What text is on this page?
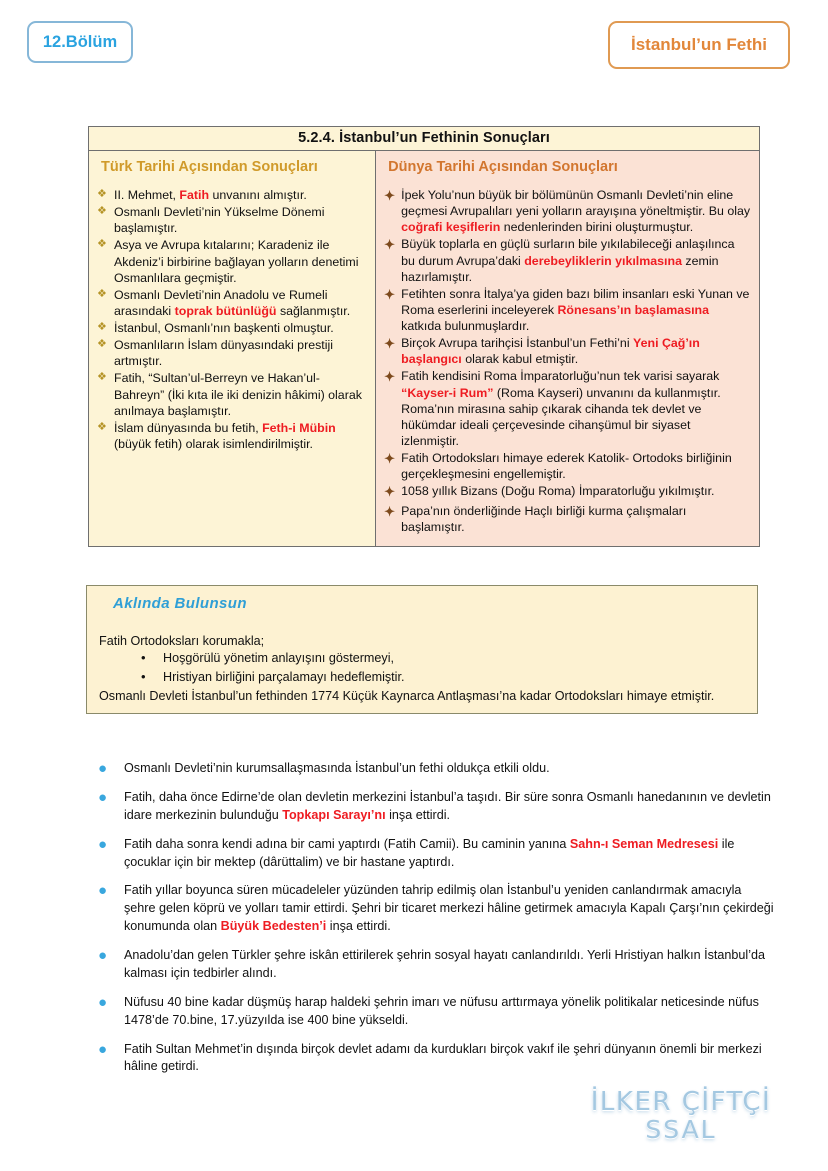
12.Bölüm	İstanbul’un Fethi
5.2.4. İstanbul’un Fethinin Sonuçları
Türk Tarihi Açısından Sonuçları
❖ II. Mehmet, Fatih unvanını almıştır.
❖ Osmanlı Devleti’nin Yükselme Dönemi başlamıştır.
❖ Asya ve Avrupa kıtalarını; Karadeniz ile Akdeniz’i birbirine bağlayan yolların denetimi Osmanlılara geçmiştir.
❖ Osmanlı Devleti’nin Anadolu ve Rumeli arasındaki toprak bütünlüğü sağlanmıştır.
❖ İstanbul, Osmanlı’nın başkenti olmuştur.
❖ Osmanlıların İslam dünyasındaki prestiji artmıştır.
❖ Fatih, “Sultan’ul-Berreyn ve Hakan’ul-Bahreyn” (İki kıta ile iki denizin hâkimi) olarak anılmaya başlamıştır.
❖ İslam dünyasında bu fetih, Feth-i Mübin (büyük fetih) olarak isimlendirilmiştir.
Dünya Tarihi Açısından Sonuçları
✦ İpek Yolu’nun büyük bir bölümünün Osmanlı Devleti’nin eline geçmesi Avrupalıları yeni yolların arayışına yöneltmiştir. Bu olay coğrafi keşiflerin nedenlerinden birini oluşturmuştur.
✦ Büyük toplarla en güçlü surların bile yıkılabileceği anlaşılınca bu durum Avrupa’daki derebeyliklerin yıkılmasına zemin hazırlamıştır.
✦ Fetihten sonra İtalya’ya giden bazı bilim insanları eski Yunan ve Roma eserlerini inceleyerek Rönesans’ın başlamasına katkıda bulunmuşlardır.
✦ Birçok Avrupa tarihçisi İstanbul’un Fethi’ni Yeni Çağ’ın başlangıcı olarak kabul etmiştir.
✦ Fatih kendisini Roma İmparatorluğu’nun tek varisi sayarak “Kayser-i Rum” (Roma Kayseri) unvanını da kullanmıştır. Roma’nın mirasına sahip çıkarak cihanda tek devlet ve hükümdar ideali çerçevesinde cihanşümul bir siyaset izlenmiştir.
✦ Fatih Ortodoksları himaye ederek Katolik- Ortodoks birliğinin gerçekleşmesini engellemiştir.
✦ 1058 yıllık Bizans (Doğu Roma) İmparatorluğu yıkılmıştır.
✦ Papa’nın önderliğinde Haçlı birliği kurma çalışmaları başlamıştır.
Aklında Bulunsun

Fatih Ortodoksları korumakla;

• Hoşgörülü yönetim anlayışını göstermeyi,
• Hristiyan birliğini parçalamayı hedeflemiştir.

Osmanlı Devleti İstanbul’un fethinden 1774 Küçük Kaynarca Antlaşması’na kadar Ortodoksları himaye etmiştir.

●	Osmanlı Devleti’nin kurumsallaşmasında İstanbul’un fethi oldukça etkili oldu.
●	Fatih, daha önce Edirne’de olan devletin merkezini İstanbul’a taşıdı. Bir süre sonra Osmanlı hanedanının ve devletin idare merkezinin bulunduğu Topkapı Sarayı’nı inşa ettirdi.
●	Fatih daha sonra kendi adına bir cami yaptırdı (Fatih Camii). Bu caminin yanına Sahn-ı Seman Medresesi ile çocuklar için bir mektep (dârüttalim) ve bir hastane yaptırdı.
●	Fatih yıllar boyunca süren mücadeleler yüzünden tahrip edilmiş olan İstanbul’u yeniden canlandırmak amacıyla şehre gelen köprü ve yolları tamir ettirdi. Şehri bir ticaret merkezi hâline getirmek amacıyla Kapalı Çarşı’nın çekirdeği konumunda olan Büyük Bedesten’i inşa ettirdi.
●	Anadolu’dan gelen Türkler şehre iskân ettirilerek şehrin sosyal hayatı canlandırıldı. Yerli Hristiyan halkın İstanbul’da kalması için tedbirler alındı.
●	Nüfusu 40 bine kadar düşmüş harap haldeki şehrin imarı ve nüfusu arttırmaya yönelik politikalar neticesinde nüfus 1478’de 70.bine, 17.yüzyılda ise 400 bine yükseldi.
●	Fatih Sultan Mehmet’in dışında birçok devlet adamı da kurdukları birçok vakıf ile şehri dünyanın önemli bir merkezi hâline getirdi.
İLKER ÇİFTÇİ
SSAL
